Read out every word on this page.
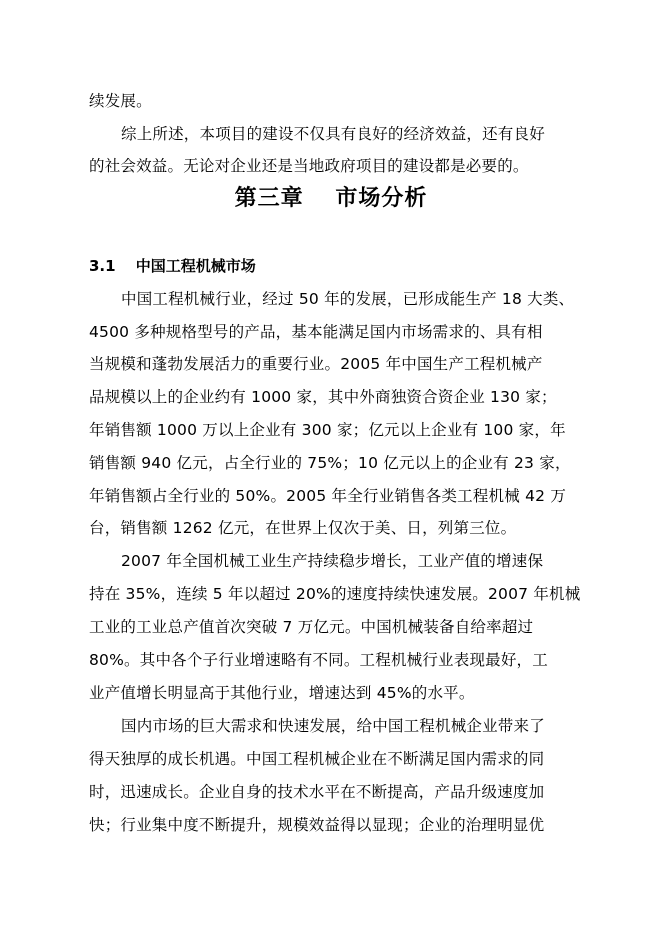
续发展。
综上所述，本项目的建设不仅具有良好的经济效益，还有良好
的社会效益。无论对企业还是当地政府项目的建设都是必要的。
第三章　 市场分析
3.1　 中国工程机械市场
中国工程机械行业，经过 50 年的发展，已形成能生产 18 大类、
4500 多种规格型号的产品，基本能满足国内市场需求的、具有相
当规模和蓬勃发展活力的重要行业。2005 年中国生产工程机械产
品规模以上的企业约有 1000 家，其中外商独资合资企业 130 家；
年销售额 1000 万以上企业有 300 家；亿元以上企业有 100 家，年
销售额 940 亿元，占全行业的 75%；10 亿元以上的企业有 23 家，
年销售额占全行业的 50%。2005 年全行业销售各类工程机械 42 万
台，销售额 1262 亿元，在世界上仅次于美、日，列第三位。
2007 年全国机械工业生产持续稳步增长，工业产值的增速保
持在 35%，连续 5 年以超过 20%的速度持续快速发展。2007 年机械
工业的工业总产值首次突破 7 万亿元。中国机械装备自给率超过
80%。其中各个子行业增速略有不同。工程机械行业表现最好，工
业产值增长明显高于其他行业，增速达到 45%的水平。
国内市场的巨大需求和快速发展，给中国工程机械企业带来了
得天独厚的成长机遇。中国工程机械企业在不断满足国内需求的同
时，迅速成长。企业自身的技术水平在不断提高，产品升级速度加
快；行业集中度不断提升，规模效益得以显现；企业的治理明显优
